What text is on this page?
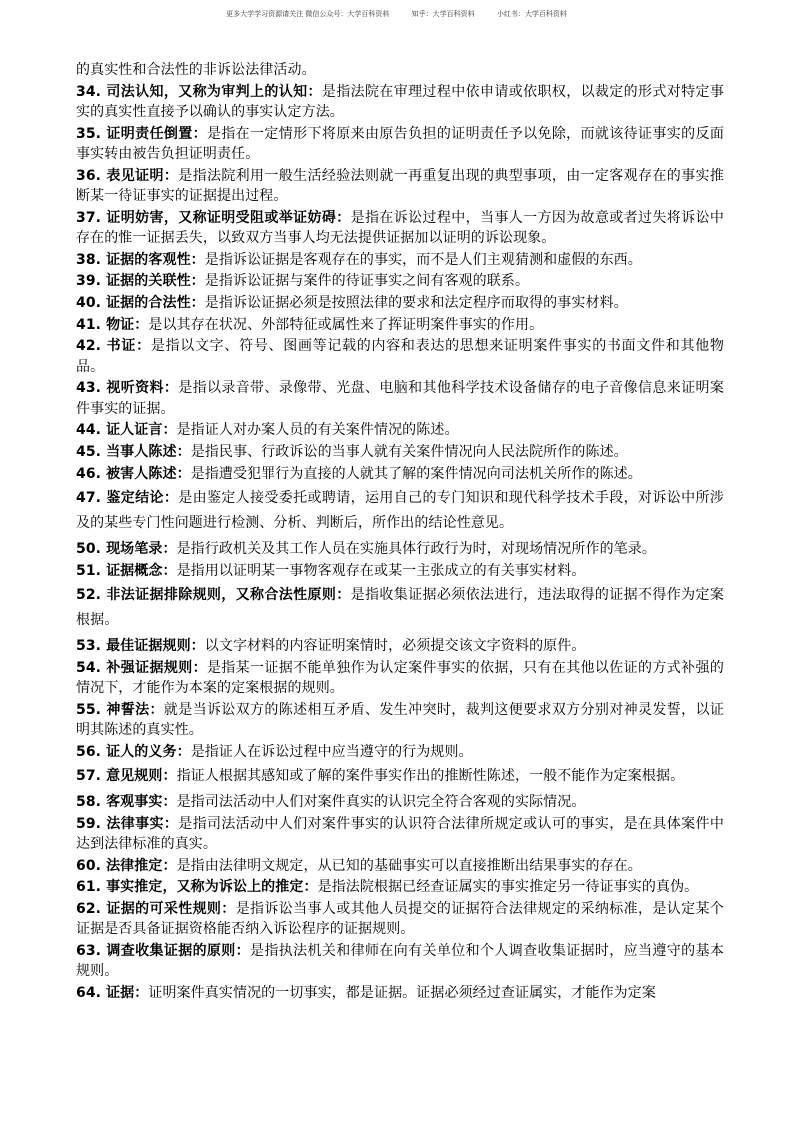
更多大学学习资源请关注 微信公众号：大学百科资料	知乎：大学百科资料	小红书：大学百科资料

的真实性和合法性的非诉讼法律活动。

34. 司法认知，又称为审判上的认知：是指法院在审理过程中依申请或依职权，以裁定的形式对特定事实的真实性直接予以确认的事实认定方法。

35. 证明责任倒置：是指在一定情形下将原来由原告负担的证明责任予以免除，而就该待证事实的反面事实转由被告负担证明责任。

36. 表见证明：是指法院利用一般生活经验法则就一再重复出现的典型事项，由一定客观存在的事实推断某一待证事实的证据提出过程。

37. 证明妨害，又称证明受阻或举证妨碍：是指在诉讼过程中，当事人一方因为故意或者过失将诉讼中存在的惟一证据丢失，以致双方当事人均无法提供证据加以证明的诉讼现象。

38. 证据的客观性：是指诉讼证据是客观存在的事实，而不是人们主观猜测和虚假的东西。

39. 证据的关联性：是指诉讼证据与案件的待证事实之间有客观的联系。

40. 证据的合法性：是指诉讼证据必须是按照法律的要求和法定程序而取得的事实材料。

41. 物证：是以其存在状况、外部特征或属性来了挥证明案件事实的作用。

42. 书证：是指以文字、符号、图画等记载的内容和表达的思想来证明案件事实的书面文件和其他物品。

43. 视听资料：是指以录音带、录像带、光盘、电脑和其他科学技术设备储存的电子音像信息来证明案件事实的证据。

44. 证人证言：是指证人对办案人员的有关案件情况的陈述。

45. 当事人陈述：是指民事、行政诉讼的当事人就有关案件情况向人民法院所作的陈述。

46. 被害人陈述：是指遭受犯罪行为直接的人就其了解的案件情况向司法机关所作的陈述。

47. 鉴定结论：是由鉴定人接受委托或聘请，运用自己的专门知识和现代科学技术手段，对诉讼中所涉及的某些专门性问题进行检测、分析、判断后，所作出的结论性意见。

50. 现场笔录：是指行政机关及其工作人员在实施具体行政行为时，对现场情况所作的笔录。

51. 证据概念：是指用以证明某一事物客观存在或某一主张成立的有关事实材料。

52. 非法证据排除规则，又称合法性原则：是指收集证据必须依法进行，违法取得的证据不得作为定案根据。

53. 最佳证据规则：以文字材料的内容证明案情时，必须提交该文字资料的原件。

54. 补强证据规则：是指某一证据不能单独作为认定案件事实的依据，只有在其他以佐证的方式补强的情况下，才能作为本案的定案根据的规则。

55. 神誓法：就是当诉讼双方的陈述相互矛盾、发生冲突时，裁判这便要求双方分别对神灵发誓，以证明其陈述的真实性。

56. 证人的义务：是指证人在诉讼过程中应当遵守的行为规则。

57. 意见规则：指证人根据其感知或了解的案件事实作出的推断性陈述，一般不能作为定案根据。

58. 客观事实：是指司法活动中人们对案件真实的认识完全符合客观的实际情况。

59. 法律事实：是指司法活动中人们对案件事实的认识符合法律所规定或认可的事实，是在具体案件中达到法律标准的真实。

60. 法律推定：是指由法律明文规定，从已知的基础事实可以直接推断出结果事实的存在。

61. 事实推定，又称为诉讼上的推定：是指法院根据已经查证属实的事实推定另一待证事实的真伪。

62. 证据的可采性规则：是指诉讼当事人或其他人员提交的证据符合法律规定的采纳标准，是认定某个证据是否具备证据资格能否纳入诉讼程序的证据规则。

63. 调查收集证据的原则：是指执法机关和律师在向有关单位和个人调查收集证据时，应当遵守的基本规则。

64. 证据：证明案件真实情况的一切事实，都是证据。证据必须经过查证属实，才能作为定案
